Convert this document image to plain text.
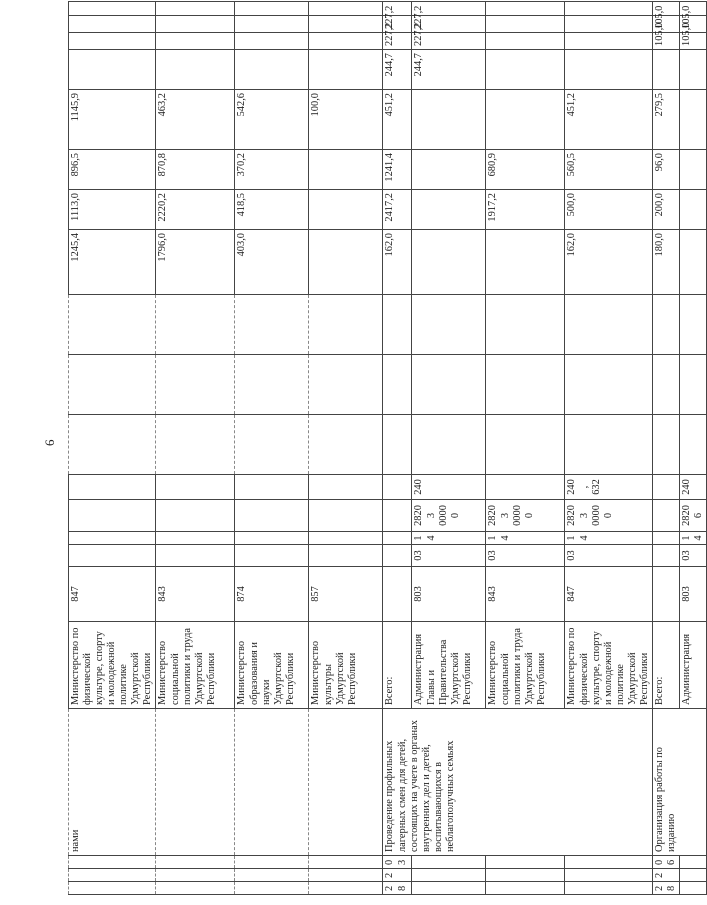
6
			нами	Министерство по физической культуре, спорту и молодежной политике Удмуртской Республики	847								1245,4	1113,0	896,5	1145,9				
				Министерство социальной политики и труда Удмуртской Республики	843								1796,0	2220,2	870,8	463,2				
				Министерство образования и науки Удмуртской Республики	874								403,0	418,5	370,2	542,6				
				Министерство культуры Удмуртской Республики	857											100,0				
28	2	03	Проведение профильных лагерных смен для детей, состоящих на учете в органах внутренних дел и детей, воспитывающихся в неблагополучных семьях	Всего:									162,0	2417,2	1241,4	451,2	244,7	227,2	227,2	
				Администрация Главы и Правительства Удмуртской Республики	803	03	14	28203 00000	240								244,7	227,2	227,2	
				Министерство социальной политики и труда Удмуртской Республики	843	03	14	28203 00000						1917,2	680,9					
				Министерство по физической культуре, спорту и молодежной политике Удмуртской Республики	847	03	14	28203 00000	240, 632				162,0	500,0	560,5	451,2				
28	2	06	Организация работы по изданию	Всего:									180,0	200,0	96,0	279,5		105,0	105,0	
				Администрация	803	03	14	28206	240									105,0	105,0	
